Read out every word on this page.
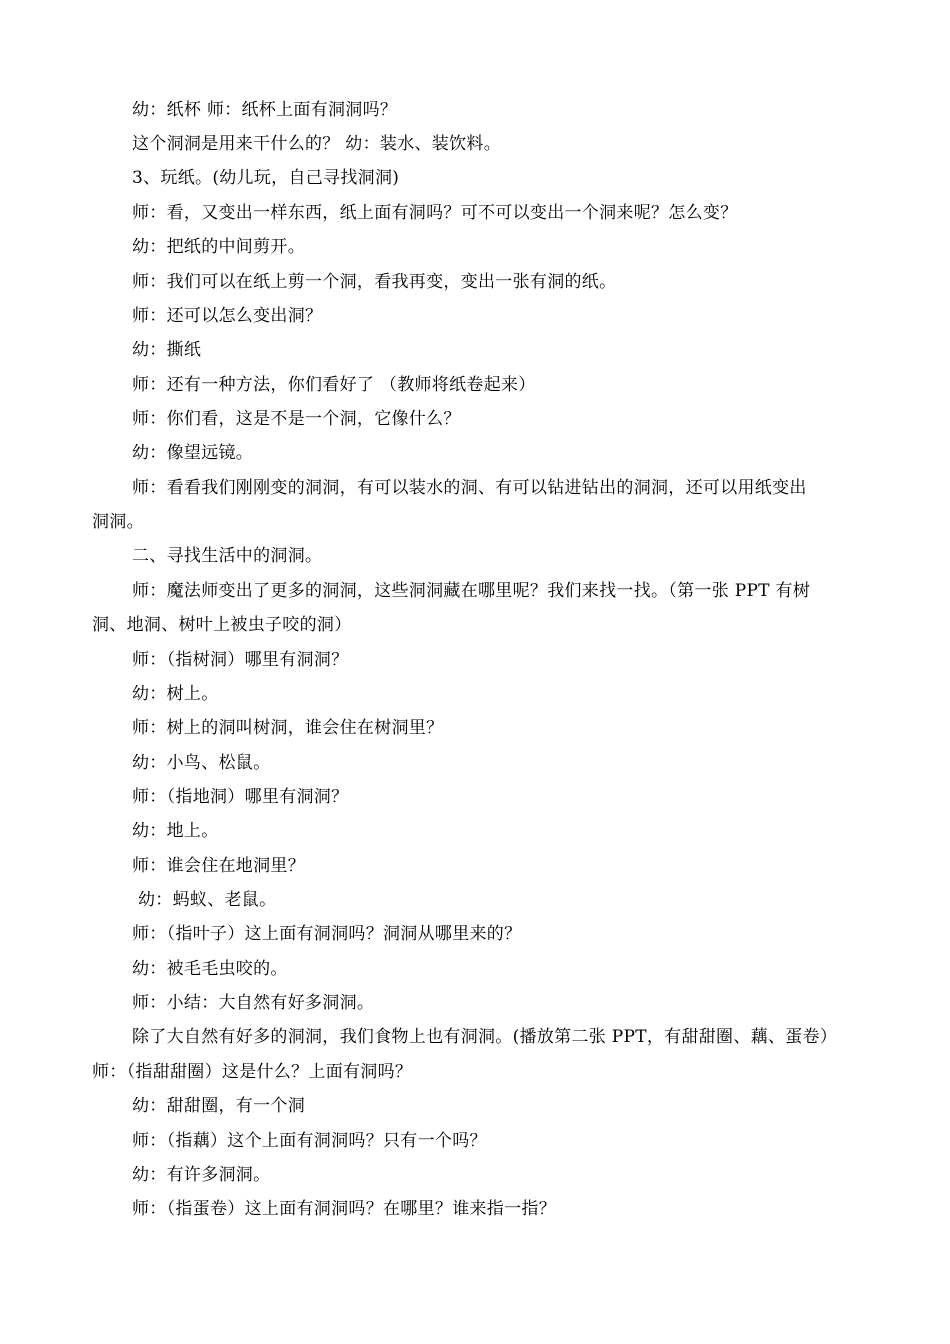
幼：纸杯 师：纸杯上面有洞洞吗？
这个洞洞是用来干什么的？ 幼：装水、装饮料。
3、玩纸。(幼儿玩，自己寻找洞洞)
师：看，又变出一样东西，纸上面有洞吗？可不可以变出一个洞来呢？怎么变？
幼：把纸的中间剪开。
师：我们可以在纸上剪一个洞，看我再变，变出一张有洞的纸。
师：还可以怎么变出洞？
幼：撕纸
师：还有一种方法，你们看好了 （教师将纸卷起来）
师：你们看，这是不是一个洞，它像什么？
幼：像望远镜。
师：看看我们刚刚变的洞洞，有可以装水的洞、有可以钻进钻出的洞洞，还可以用纸变出
洞洞。
二、寻找生活中的洞洞。
师：魔法师变出了更多的洞洞，这些洞洞藏在哪里呢？我们来找一找。（第一张 PPT 有树
洞、地洞、树叶上被虫子咬的洞）
师：（指树洞）哪里有洞洞？
幼：树上。
师：树上的洞叫树洞，谁会住在树洞里？
幼：小鸟、松鼠。
师：（指地洞）哪里有洞洞？
幼：地上。
师：谁会住在地洞里？
幼：蚂蚁、老鼠。
师：（指叶子）这上面有洞洞吗？洞洞从哪里来的？
幼：被毛毛虫咬的。
师：小结：大自然有好多洞洞。
除了大自然有好多的洞洞，我们食物上也有洞洞。(播放第二张 PPT，有甜甜圈、藕、蛋卷）
师：（指甜甜圈）这是什么？上面有洞吗？
幼：甜甜圈，有一个洞
师：（指藕）这个上面有洞洞吗？只有一个吗？
幼：有许多洞洞。
师：（指蛋卷）这上面有洞洞吗？在哪里？谁来指一指？
